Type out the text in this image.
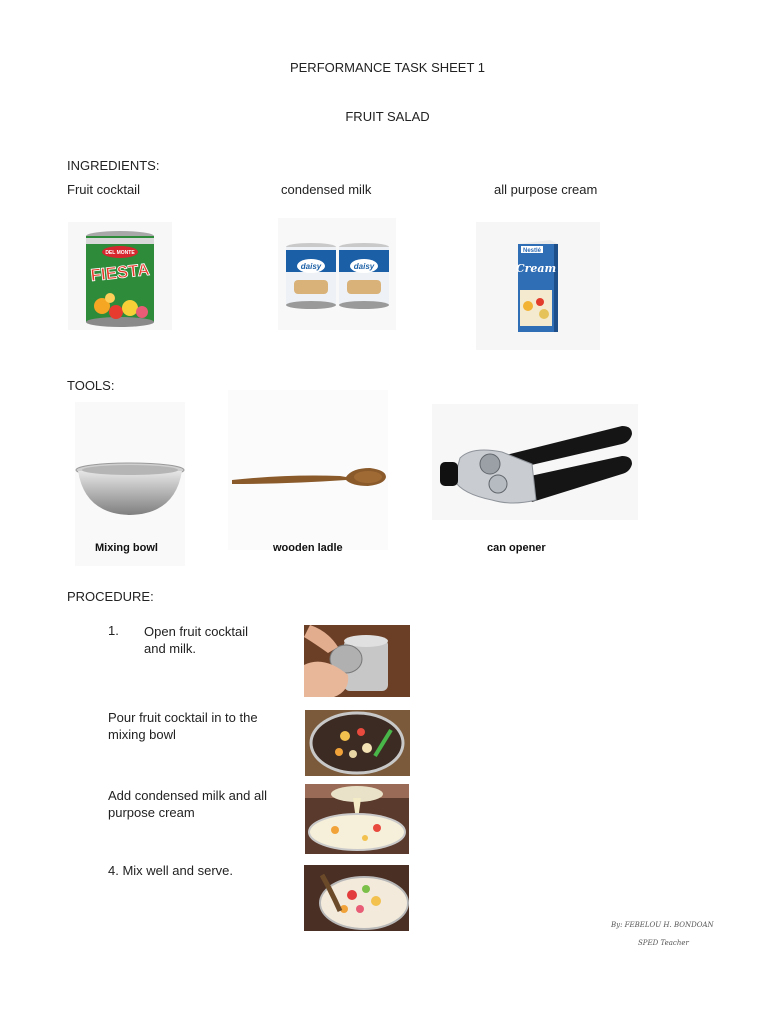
PERFORMANCE TASK SHEET 1
FRUIT SALAD
INGREDIENTS:
Fruit cocktail	condensed milk	all purpose cream
DEL MONTE
FIESTA	daisy	daisy
Nestlé
Cream
TOOLS:
Mixing bowl	wooden ladle	can opener
PROCEDURE:
1. Open fruit cocktail and milk.
Pour fruit cocktail in to the mixing bowl
Add condensed milk and all purpose cream
4. Mix well and serve.
By: FEBELOU H. BONDOAN
SPED Teacher
